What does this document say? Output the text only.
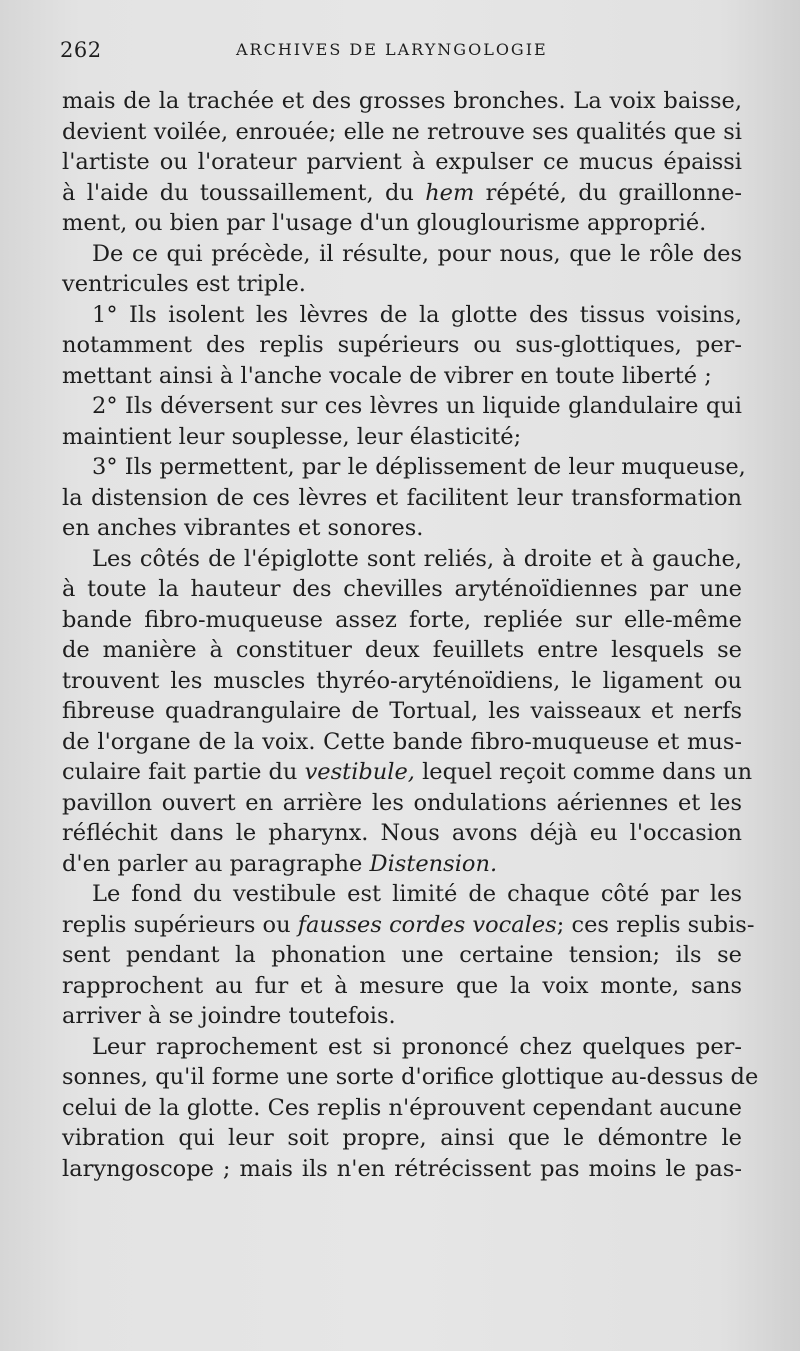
262	ARCHIVES DE LARYNGOLOGIE
mais de la trachée et des grosses bronches. La voix baisse,
devient voilée, enrouée; elle ne retrouve ses qualités que si
l'artiste ou l'orateur parvient à expulser ce mucus épaissi
à l'aide du toussaillement, du hem répété, du graillonne-
ment, ou bien par l'usage d'un glouglourisme approprié.
De ce qui précède, il résulte, pour nous, que le rôle des
ventricules est triple.
1° Ils isolent les lèvres de la glotte des tissus voisins,
notamment des replis supérieurs ou sus-glottiques, per-
mettant ainsi à l'anche vocale de vibrer en toute liberté ;
2° Ils déversent sur ces lèvres un liquide glandulaire qui
maintient leur souplesse, leur élasticité;
3° Ils permettent, par le déplissement de leur muqueuse,
la distension de ces lèvres et facilitent leur transformation
en anches vibrantes et sonores.
Les côtés de l'épiglotte sont reliés, à droite et à gauche,
à toute la hauteur des chevilles aryténoïdiennes par une
bande fibro-muqueuse assez forte, repliée sur elle-même
de manière à constituer deux feuillets entre lesquels se
trouvent les muscles thyréo-aryténoïdiens, le ligament ou
fibreuse quadrangulaire de Tortual, les vaisseaux et nerfs
de l'organe de la voix. Cette bande fibro-muqueuse et mus-
culaire fait partie du vestibule, lequel reçoit comme dans un
pavillon ouvert en arrière les ondulations aériennes et les
réfléchit dans le pharynx. Nous avons déjà eu l'occasion
d'en parler au paragraphe Distension.
Le fond du vestibule est limité de chaque côté par les
replis supérieurs ou fausses cordes vocales; ces replis subis-
sent pendant la phonation une certaine tension; ils se
rapprochent au fur et à mesure que la voix monte, sans
arriver à se joindre toutefois.
Leur raprochement est si prononcé chez quelques per-
sonnes, qu'il forme une sorte d'orifice glottique au-dessus de
celui de la glotte. Ces replis n'éprouvent cependant aucune
vibration qui leur soit propre, ainsi que le démontre le
laryngoscope ; mais ils n'en rétrécissent pas moins le pas-
